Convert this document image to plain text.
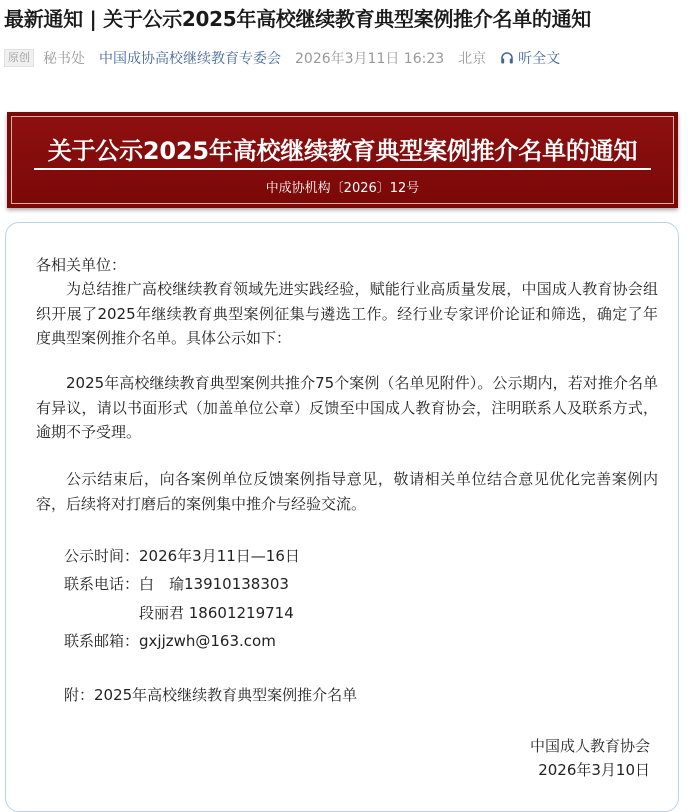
最新通知 | 关于公示2025年高校继续教育典型案例推介名单的通知
原创 秘书处 中国成协高校继续教育专委会 2026年3月11日 16:23 北京 听全文
关于公示2025年高校继续教育典型案例推介名单的通知
中成协机构〔2026〕12号
各相关单位：

为总结推广高校继续教育领域先进实践经验，赋能行业高质量发展，中国成人教育协会组织开展了2025年继续教育典型案例征集与遴选工作。经行业专家评价论证和筛选，确定了年度典型案例推介名单。具体公示如下：

2025年高校继续教育典型案例共推介75个案例（名单见附件）。公示期内，若对推介名单有异议，请以书面形式（加盖单位公章）反馈至中国成人教育协会，注明联系人及联系方式，逾期不予受理。

公示结束后，向各案例单位反馈案例指导意见，敬请相关单位结合意见优化完善案例内容，后续将对打磨后的案例集中推介与经验交流。

公示时间：2026年3月11日—16日
联系电话：白　瑜13910138303
段丽君 18601219714
联系邮箱：gxjjzwh@163.com
附：2025年高校继续教育典型案例推介名单
中国成人教育协会
2026年3月10日
